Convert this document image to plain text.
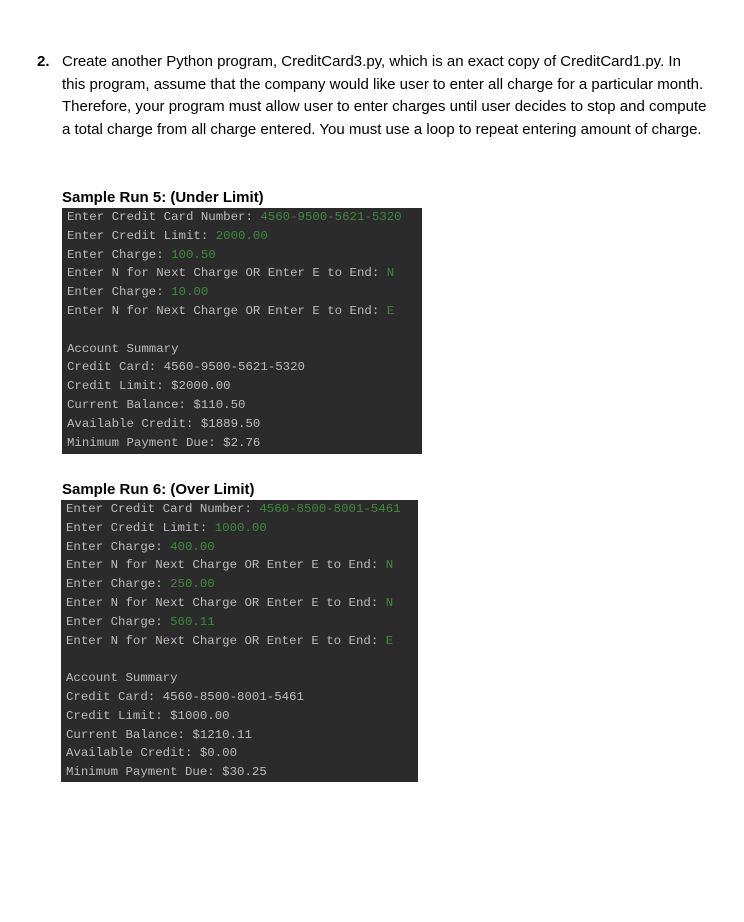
2. Create another Python program, CreditCard3.py, which is an exact copy of CreditCard1.py. In this program, assume that the company would like user to enter all charge for a particular month. Therefore, your program must allow user to enter charges until user decides to stop and compute a total charge from all charge entered. You must use a loop to repeat entering amount of charge.
Sample Run 5: (Under Limit)
Enter Credit Card Number: 4560-9500-5621-5320
Enter Credit Limit: 2000.00
Enter Charge: 100.50
Enter N for Next Charge OR Enter E to End: N
Enter Charge: 10.00
Enter N for Next Charge OR Enter E to End: E
Account Summary
Credit Card: 4560-9500-5621-5320
Credit Limit: $2000.00
Current Balance: $110.50
Available Credit: $1889.50
Minimum Payment Due: $2.76
Sample Run 6: (Over Limit)
Enter Credit Card Number: 4560-8500-8001-5461
Enter Credit Limit: 1000.00
Enter Charge: 400.00
Enter N for Next Charge OR Enter E to End: N
Enter Charge: 250.00
Enter N for Next Charge OR Enter E to End: N
Enter Charge: 560.11
Enter N for Next Charge OR Enter E to End: E
Account Summary
Credit Card: 4560-8500-8001-5461
Credit Limit: $1000.00
Current Balance: $1210.11
Available Credit: $0.00
Minimum Payment Due: $30.25
